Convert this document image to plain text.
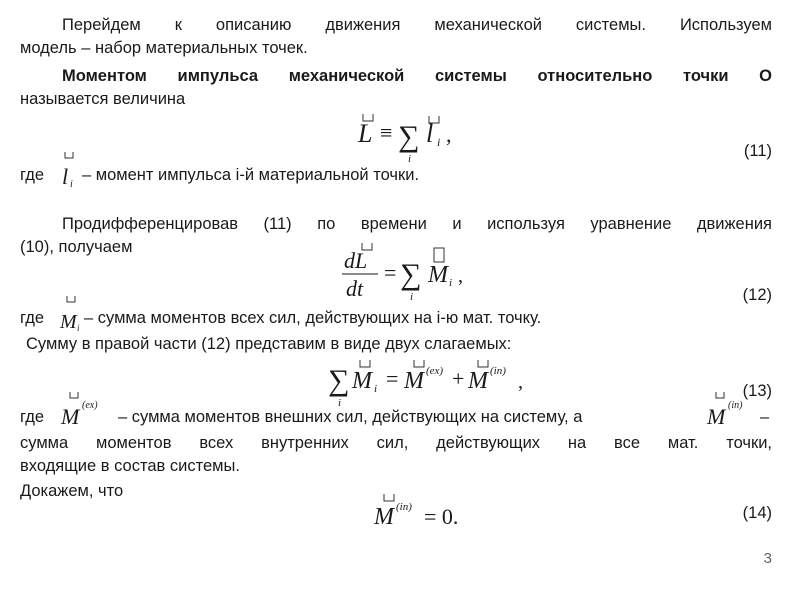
Перейдем к описанию движения механической системы. Используем

модель – набор материальных точек.

Моментом импульса механической системы относительно точки О

называется величина

L ≡ ∑
i
l i ,
(11)
где l i
– момент импульса i-й материальной точки.

Продифференцировав (11) по времени и используя уравнение движения

(10), получаем

dL
dt
= ∑
i
M i ,
(12)
где M i
– сумма моментов всех сил, действующих на i-ю мат. точку.

Сумму в правой части (12) представим в виде двух слагаемых:

∑
i
M i = M (ex) + M (in) ,	(13)
где M (ex)
– сумма моментов внешних сил, действующих на систему, а	M (in)
–

сумма моментов всех внутренних сил, действующих на все мат. точки,

входящие в состав системы.

Докажем, что

M (in) = 0.	(14)
3
